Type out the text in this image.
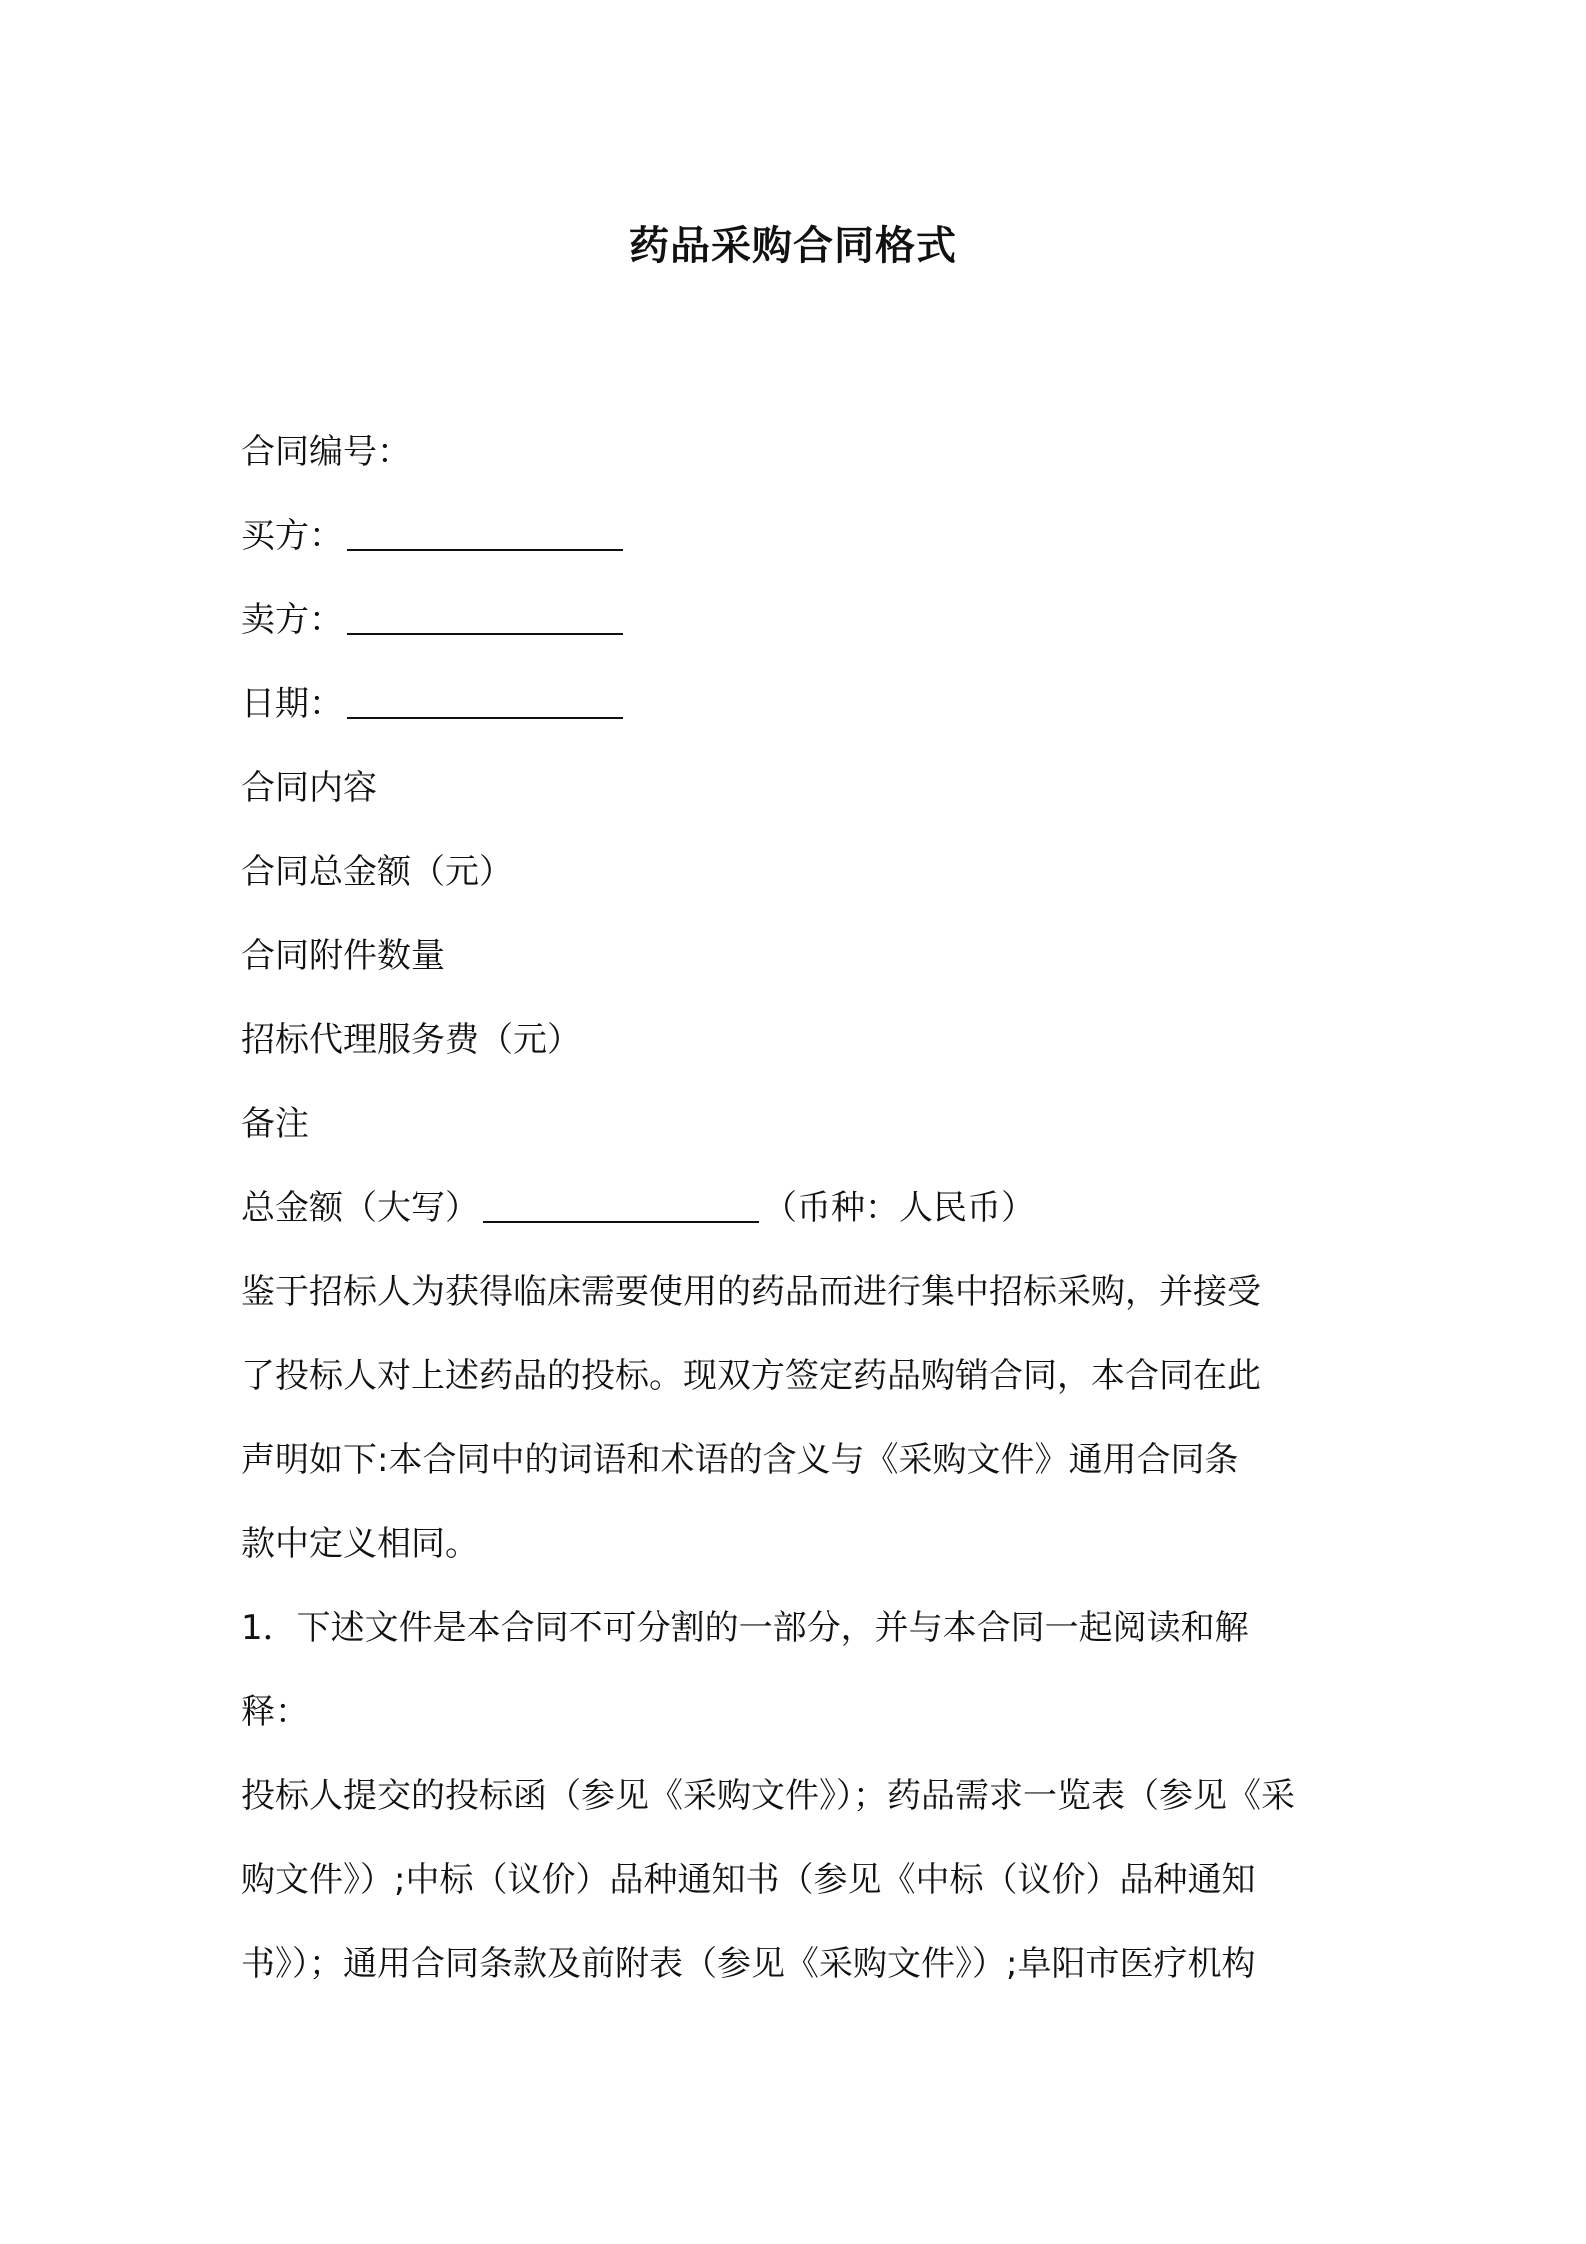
药品采购合同格式
合同编号：
买方：
卖方：
日期：
合同内容
合同总金额（元）
合同附件数量
招标代理服务费（元）
备注
总金额（大写）	（币种：人民币）
鉴于招标人为获得临床需要使用的药品而进行集中招标采购，并接受
了投标人对上述药品的投标。现双方签定药品购销合同，本合同在此
声明如下:本合同中的词语和术语的含义与《采购文件》通用合同条
款中定义相同。
1．下述文件是本合同不可分割的一部分，并与本合同一起阅读和解
释：
投标人提交的投标函（参见《采购文件》）；药品需求一览表（参见《采
购文件》）;中标（议价）品种通知书（参见《中标（议价）品种通知
书》）；通用合同条款及前附表（参见《采购文件》）;阜阳市医疗机构
